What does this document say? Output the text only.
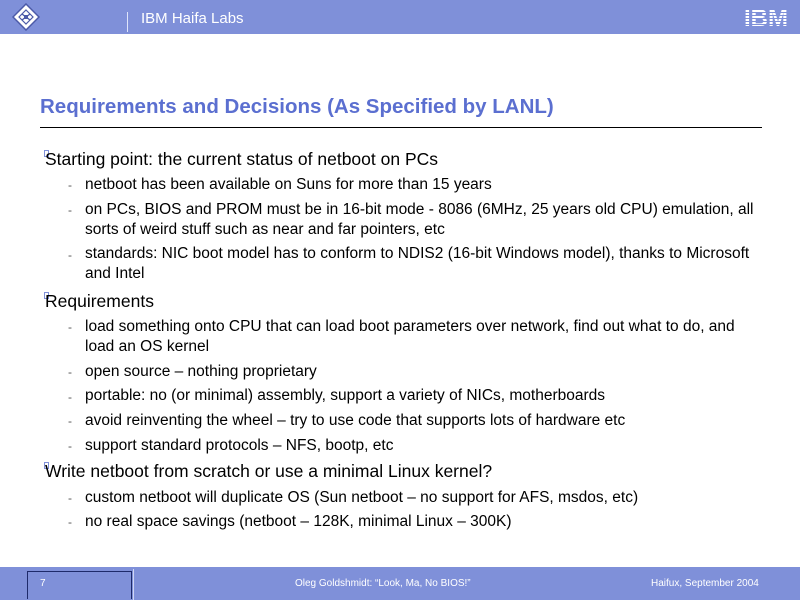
IBM Haifa Labs	IBM
Requirements and Decisions (As Specified by LANL)
Starting point: the current status of netboot on PCs
- netboot has been available on Suns for more than 15 years
- on PCs, BIOS and PROM must be in 16-bit mode - 8086 (6MHz, 25 years old CPU) emulation, all sorts of weird stuff such as near and far pointers, etc
- standards: NIC boot model has to conform to NDIS2 (16-bit Windows model), thanks to Microsoft and Intel
Requirements
- load something onto CPU that can load boot parameters over network, find out what to do, and load an OS kernel
- open source – nothing proprietary
- portable: no (or minimal) assembly, support a variety of NICs, motherboards
- avoid reinventing the wheel – try to use code that supports lots of hardware etc
- support standard protocols – NFS, bootp, etc
Write netboot from scratch or use a minimal Linux kernel?
- custom netboot will duplicate OS (Sun netboot – no support for AFS, msdos, etc)
- no real space savings (netboot – 128K, minimal Linux – 300K)
7	Oleg Goldshmidt: “Look, Ma, No BIOS!”	Haifux, September 2004
